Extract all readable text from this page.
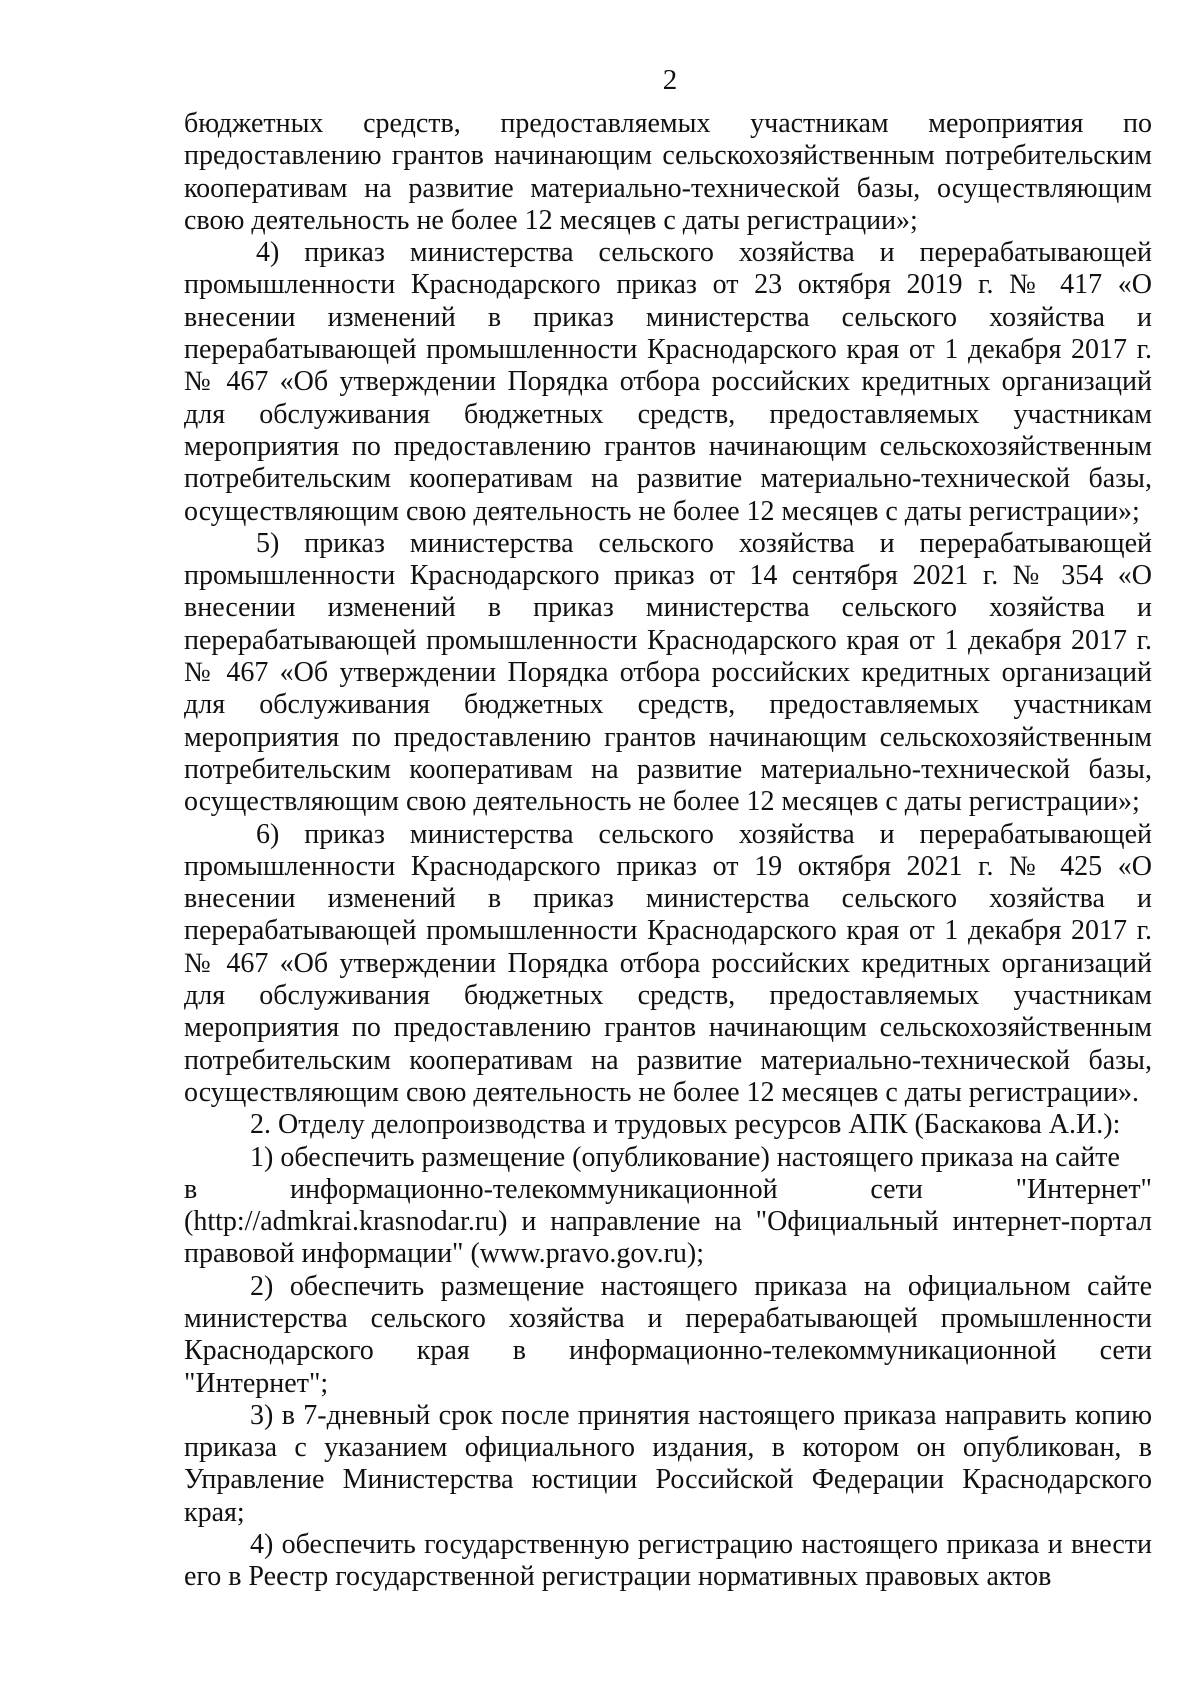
2

бюджетных средств, предоставляемых участникам мероприятия по предоставлению грантов начинающим сельскохозяйственным потребительским кооперативам на развитие материально-технической базы, осуществляющим свою деятельность не более 12 месяцев с даты регистрации»;

4) приказ министерства сельского хозяйства и перерабатывающей промышленности Краснодарского приказ от 23 октября 2019 г. № 417 «О внесении изменений в приказ министерства сельского хозяйства и перерабатывающей промышленности Краснодарского края от 1 декабря 2017 г. № 467 «Об утверждении Порядка отбора российских кредитных организаций для обслуживания бюджетных средств, предоставляемых участникам мероприятия по предоставлению грантов начинающим сельскохозяйственным потребительским кооперативам на развитие материально-технической базы, осуществляющим свою деятельность не более 12 месяцев с даты регистрации»;

5) приказ министерства сельского хозяйства и перерабатывающей промышленности Краснодарского приказ от 14 сентября 2021 г. № 354 «О внесении изменений в приказ министерства сельского хозяйства и перерабатывающей промышленности Краснодарского края от 1 декабря 2017 г. № 467 «Об утверждении Порядка отбора российских кредитных организаций для обслуживания бюджетных средств, предоставляемых участникам мероприятия по предоставлению грантов начинающим сельскохозяйственным потребительским кооперативам на развитие материально-технической базы, осуществляющим свою деятельность не более 12 месяцев с даты регистрации»;

6) приказ министерства сельского хозяйства и перерабатывающей промышленности Краснодарского приказ от 19 октября 2021 г. № 425 «О внесении изменений в приказ министерства сельского хозяйства и перерабатывающей промышленности Краснодарского края от 1 декабря 2017 г. № 467 «Об утверждении Порядка отбора российских кредитных организаций для обслуживания бюджетных средств, предоставляемых участникам мероприятия по предоставлению грантов начинающим сельскохозяйственным потребительским кооперативам на развитие материально-технической базы, осуществляющим свою деятельность не более 12 месяцев с даты регистрации».

2. Отделу делопроизводства и трудовых ресурсов АПК (Баскакова А.И.):

1) обеспечить размещение (опубликование) настоящего приказа на сайте

в информационно-телекоммуникационной сети "Интернет"

(http://admkrai.krasnodar.ru) и направление на "Официальный интернет-портал правовой информации" (www.pravo.gov.ru);

2) обеспечить размещение настоящего приказа на официальном сайте министерства сельского хозяйства и перерабатывающей промышленности Краснодарского края в информационно-телекоммуникационной сети "Интернет";

3) в 7-дневный срок после принятия настоящего приказа направить копию приказа с указанием официального издания, в котором он опубликован, в Управление Министерства юстиции Российской Федерации Краснодарского края;

4) обеспечить государственную регистрацию настоящего приказа и внести его в Реестр государственной регистрации нормативных правовых актов
